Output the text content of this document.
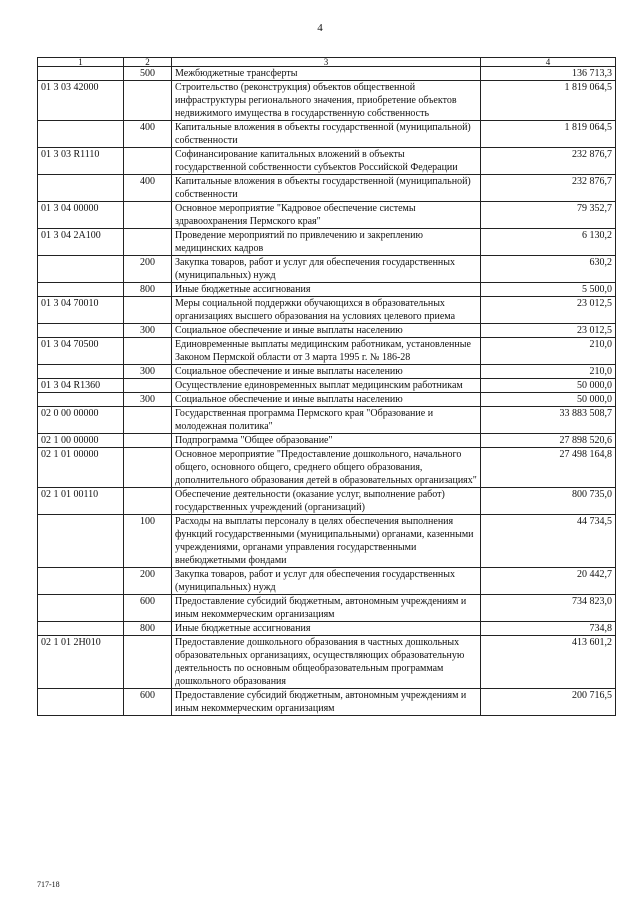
4
1	2	3	4
	500	Межбюджетные трансферты	136 713,3
01 3 03 42000		Строительство (реконструкция) объектов общественной инфраструктуры регионального значения, приобретение объектов недвижимого имущества в государственную собственность	1 819 064,5
	400	Капитальные вложения в объекты государственной (муниципальной) собственности	1 819 064,5
01 3 03 R1110		Софинансирование капитальных вложений в объекты государственной собственности субъектов Российской Федерации	232 876,7
	400	Капитальные вложения в объекты государственной (муниципальной) собственности	232 876,7
01 3 04 00000		Основное мероприятие "Кадровое обеспечение системы здравоохранения Пермского края"	79 352,7
01 3 04 2А100		Проведение мероприятий по привлечению и закреплению медицинских кадров	6 130,2
	200	Закупка товаров, работ и услуг для обеспечения государственных (муниципальных) нужд	630,2
	800	Иные бюджетные ассигнования	5 500,0
01 3 04 70010		Меры социальной поддержки обучающихся в образовательных организациях высшего образования на условиях целевого приема	23 012,5
	300	Социальное обеспечение и иные выплаты населению	23 012,5
01 3 04 70500		Единовременные выплаты медицинским работникам, установленные Законом Пермской области от 3 марта 1995 г. № 186-28	210,0
	300	Социальное обеспечение и иные выплаты населению	210,0
01 3 04 R1360		Осуществление единовременных выплат медицинским работникам	50 000,0
	300	Социальное обеспечение и иные выплаты населению	50 000,0
02 0 00 00000		Государственная программа Пермского края "Образование и молодежная политика"	33 883 508,7
02 1 00 00000		Подпрограмма "Общее образование"	27 898 520,6
02 1 01 00000		Основное мероприятие "Предоставление дошкольного, начального общего, основного общего, среднего общего образования, дополнительного образования детей в образовательных организациях"	27 498 164,8
02 1 01 00110		Обеспечение деятельности (оказание услуг, выполнение работ) государственных учреждений (организаций)	800 735,0
	100	Расходы на выплаты персоналу в целях обеспечения выполнения функций государственными (муниципальными) органами, казенными учреждениями, органами управления государственными внебюджетными фондами	44 734,5
	200	Закупка товаров, работ и услуг для обеспечения государственных (муниципальных) нужд	20 442,7
	600	Предоставление субсидий бюджетным, автономным учреждениям и иным некоммерческим организациям	734 823,0
	800	Иные бюджетные ассигнования	734,8
02 1 01 2Н010		Предоставление дошкольного образования в частных дошкольных образовательных организациях, осуществляющих образовательную деятельность по основным общеобразовательным программам дошкольного образования	413 601,2
	600	Предоставление субсидий бюджетным, автономным учреждениям и иным некоммерческим организациям	200 716,5
717-18
